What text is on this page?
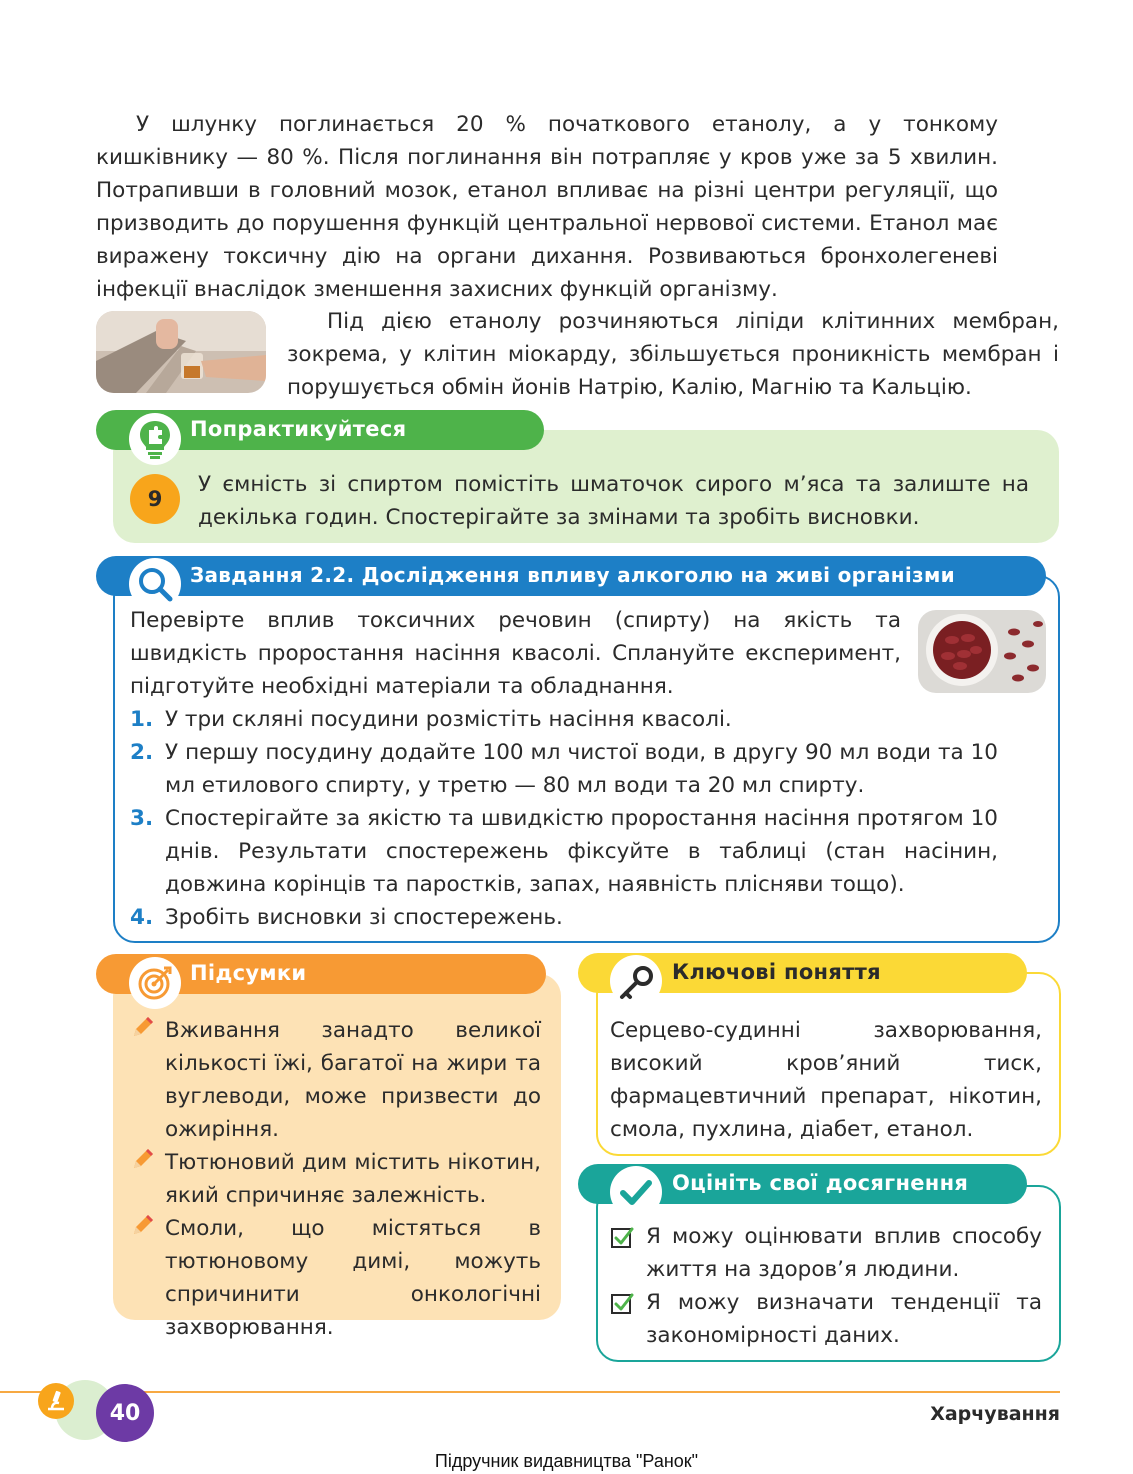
У шлунку поглинається 20 % початкового етанолу, а у тонкому кишківнику — 80 %. Після поглинання він потрапляє у кров уже за 5 хвилин. Потрапивши в головний мозок, етанол впливає на різні центри регуляції, що призводить до порушення функцій центральної нервової системи. Етанол має виражену токсичну дію на органи дихання. Розвиваються бронхолегеневі інфекції внаслідок зменшення захисних функцій організму.
Під дією етанолу розчиняються ліпіди клітинних мембран, зокрема, у клітин міокарду, збільшується проникність мембран і порушується обмін йонів Натрію, Калію, Магнію та Кальцію.
Попрактикуйтеся
9
У ємність зі спиртом помістіть шматочок сирого м’яса та залиште на декілька годин. Спостерігайте за змінами та зробіть висновки.
Завдання 2.2. Дослідження впливу алкоголю на живі організми
Перевірте вплив токсичних речовин (спирту) на якість та швидкість проростання насіння квасолі. Сплануйте експеримент, підготуйте необхідні матеріали та обладнання.
1. У три скляні посудини розмістіть насіння квасолі.
2. У першу посудину додайте 100 мл чистої води, в другу 90 мл води та 10 мл етилового спирту, у третю — 80 мл води та 20 мл спирту.
3. Спостерігайте за якістю та швидкістю проростання насіння протягом 10 днів. Результати спостережень фіксуйте в таблиці (стан насінин, довжина корінців та паростків, запах, наявність плісняви тощо).
4. Зробіть висновки зі спостережень.
Підсумки
Вживання занадто великої кількості їжі, багатої на жири та вуглеводи, може призвести до ожиріння.
Тютюновий дим містить нікотин, який спричиняє залежність.
Смоли, що містяться в тютюновому димі, можуть спричинити онкологічні захворювання.
Ключові поняття
Серцево-судинні захворювання, високий кров’яний тиск, фармацевтичний препарат, нікотин, смола, пухлина, діабет, етанол.
Оцініть свої досягнення
Я можу оцінювати вплив способу життя на здоров’я людини.
Я можу визначати тенденції та закономірності даних.
40	Харчування
Підручник видавництва "Ранок"
